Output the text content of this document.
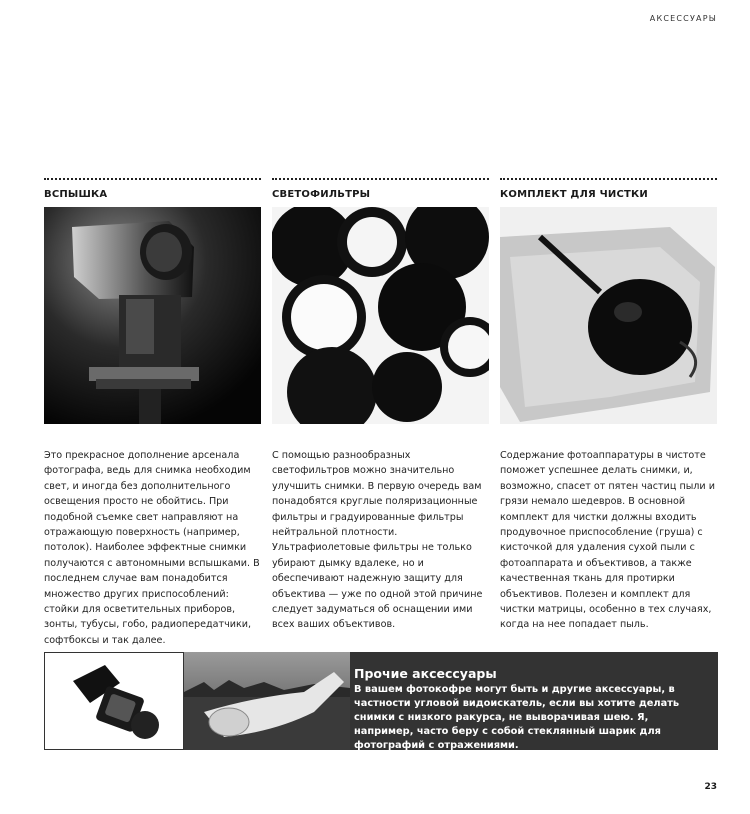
АКСЕССУАРЫ
ВСПЫШКА
Это прекрасное дополнение арсенала фотографа, ведь для снимка необходим свет, и иногда без дополнительного освещения просто не обойтись. При подобной съемке свет направляют на отражающую поверхность (например, потолок). Наиболее эффектные снимки получаются с автономными вспышками. В последнем случае вам понадобится множество других приспособлений: стойки для осветительных приборов, зонты, тубусы, гобо, радиопередатчики, софтбоксы и так далее.
СВЕТОФИЛЬТРЫ
С помощью разнообразных светофильтров можно значительно улучшить снимки. В первую очередь вам понадобятся круглые поляризационные фильтры и градуированные фильтры нейтральной плотности. Ультрафиолетовые фильтры не только убирают дымку вдалеке, но и обеспечивают надежную защиту для объектива — уже по одной этой причине следует задуматься об оснащении ими всех ваших объективов.
КОМПЛЕКТ ДЛЯ ЧИСТКИ
Содержание фотоаппаратуры в чистоте поможет успешнее делать снимки, и, возможно, спасет от пятен частиц пыли и грязи немало шедевров. В основной комплект для чистки должны входить продувочное приспособление (груша) с кисточкой для удаления сухой пыли с фотоаппарата и объективов, а также качественная ткань для протирки объективов. Полезен и комплект для чистки матрицы, особенно в тех случаях, когда на нее попадает пыль.
Прочие аксессуары
В вашем фотокофре могут быть и другие аксессуары, в частности угловой видоискатель, если вы хотите делать снимки с низкого ракурса, не выворачивая шею. Я, например, часто беру с собой стеклянный шарик для фотографий с отражениями.
23
